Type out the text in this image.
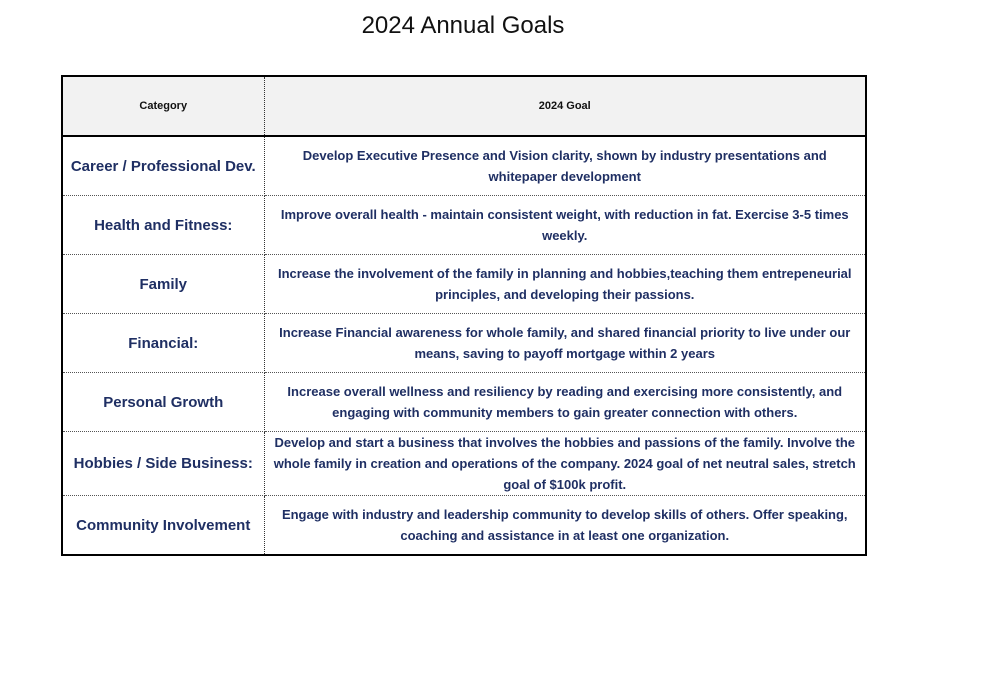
2024 Annual Goals
Category	2024 Goal
Career / Professional Dev.	Develop Executive Presence and Vision clarity, shown by industry presentations and whitepaper development
Health and Fitness:	Improve overall health - maintain consistent weight, with reduction in fat. Exercise 3-5 times weekly.
Family	Increase the involvement of the family in planning and hobbies,teaching them entrepeneurial principles, and developing their passions.
Financial:	Increase Financial awareness for whole family, and shared financial priority to live under our means, saving to payoff mortgage within 2 years
Personal Growth	Increase overall wellness and resiliency by reading and exercising more consistently, and engaging with community members to gain greater connection with others.
Hobbies / Side Business:	Develop and start a business that involves the hobbies and passions of the family. Involve the whole family in creation and operations of the company. 2024 goal of net neutral sales, stretch goal of $100k profit.
Community Involvement	Engage with industry and leadership community to develop skills of others. Offer speaking, coaching and assistance in at least one organization.
